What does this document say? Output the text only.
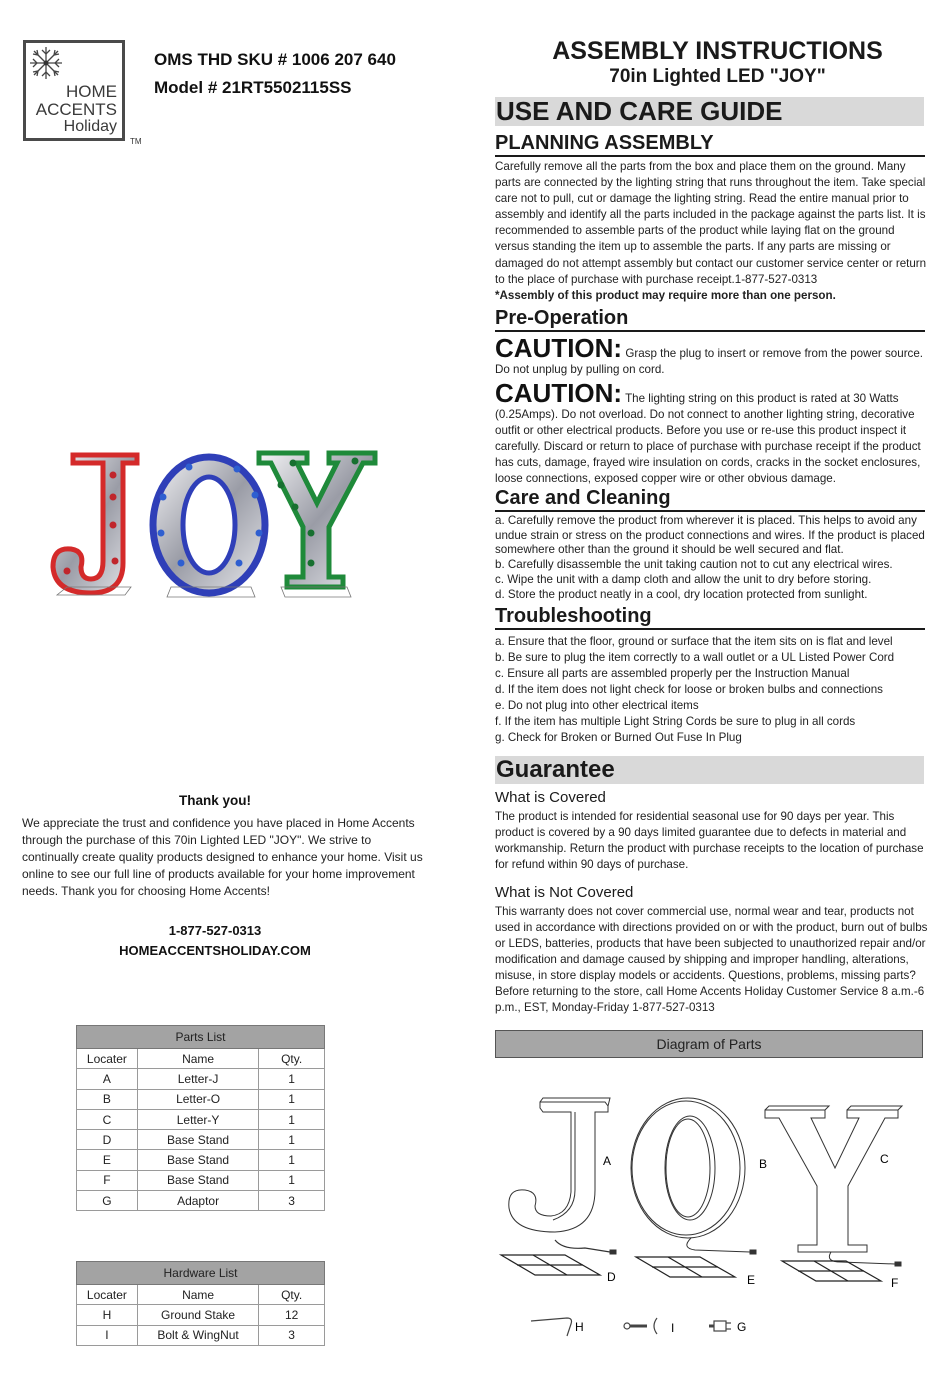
HOME
ACCENTS
Holiday
TM
OMS THD SKU # 1006 207 640
Model # 21RT5502115SS
Thank you!
We appreciate the trust and confidence you have placed in Home Accents through the purchase of this 70in Lighted LED "JOY". We strive to continually create quality products designed to enhance your home. Visit us online to see our full line of products available for your home improvement needs. Thank you for choosing Home Accents!
1-877-527-0313
HOMEACCENTSHOLIDAY.COM
Parts List		
Locater	Name	Qty.
A	Letter-J	1
B	Letter-O	1
C	Letter-Y	1
D	Base Stand	1
E	Base Stand	1
F	Base Stand	1
G	Adaptor	3
Hardware List		
Locater	Name	Qty.
H	Ground Stake	12
I	Bolt & WingNut	3
ASSEMBLY INSTRUCTIONS
70in Lighted LED "JOY"
USE AND CARE GUIDE
PLANNING ASSEMBLY
Carefully remove all the parts from the box and place them on the ground. Many parts are connected by the lighting string that runs throughout the item. Take special care not to pull, cut or damage the lighting string. Read the entire manual prior to assembly and identify all the parts included in the package against the parts list. It is recommended to assemble parts of the product while laying flat on the ground versus standing the item up to assemble the parts. If any parts are missing or damaged do not attempt assembly but contact our customer service center or return to the place of purchase with purchase receipt.1-877-527-0313
*Assembly of this product may require more than one person.
Pre-Operation
CAUTION: Grasp the plug to insert or remove from the power source. Do not unplug by pulling on cord.
CAUTION: The lighting string on this product is rated at 30 Watts (0.25Amps). Do not overload. Do not connect to another lighting string, decorative outfit or other electrical products. Before you use or re-use this product inspect it carefully. Discard or return to place of purchase with purchase receipt if the product has cuts, damage, frayed wire insulation on cords, cracks in the socket enclosures, loose connections, exposed copper wire or other obvious damage.
Care and Cleaning
a. Carefully remove the product from wherever it is placed. This helps to avoid any undue strain or stress on the product connections and wires. If the product is placed somewhere other than the ground it should be well secured and flat.
b. Carefully disassemble the unit taking caution not to cut any electrical wires.
c. Wipe the unit with a damp cloth and allow the unit to dry before storing.
d. Store the product neatly in a cool, dry location protected from sunlight.
Troubleshooting
a. Ensure that the floor, ground or surface that the item sits on is flat and level
b. Be sure to plug the item correctly to a wall outlet or a UL Listed Power Cord
c. Ensure all parts are assembled properly per the Instruction Manual
d. If the item does not light check for loose or broken bulbs and connections
e. Do not plug into other electrical items
f. If the item has multiple Light String Cords be sure to plug in all cords
g. Check for Broken or Burned Out Fuse In Plug
Guarantee
What is Covered
The product is intended for residential seasonal use for 90 days per year. This product is covered by a 90 days limited guarantee due to defects in material and workmanship. Return the product with purchase receipts to the location of purchase for refund within 90 days of purchase.
What is Not Covered
This warranty does not cover commercial use, normal wear and tear, products not used in accordance with directions provided on or with the product, burn out of bulbs or LEDS, batteries, products that have been subjected to unauthorized repair and/or modification and damage caused by shipping and improper handling, alterations, misuse, in store display models or accidents. Questions, problems, missing parts? Before returning to the store, call Home Accents Holiday Customer Service 8 a.m.-6 p.m., EST, Monday-Friday 1-877-527-0313
Diagram of Parts
A	B	C
D	E	F
H	I	G
